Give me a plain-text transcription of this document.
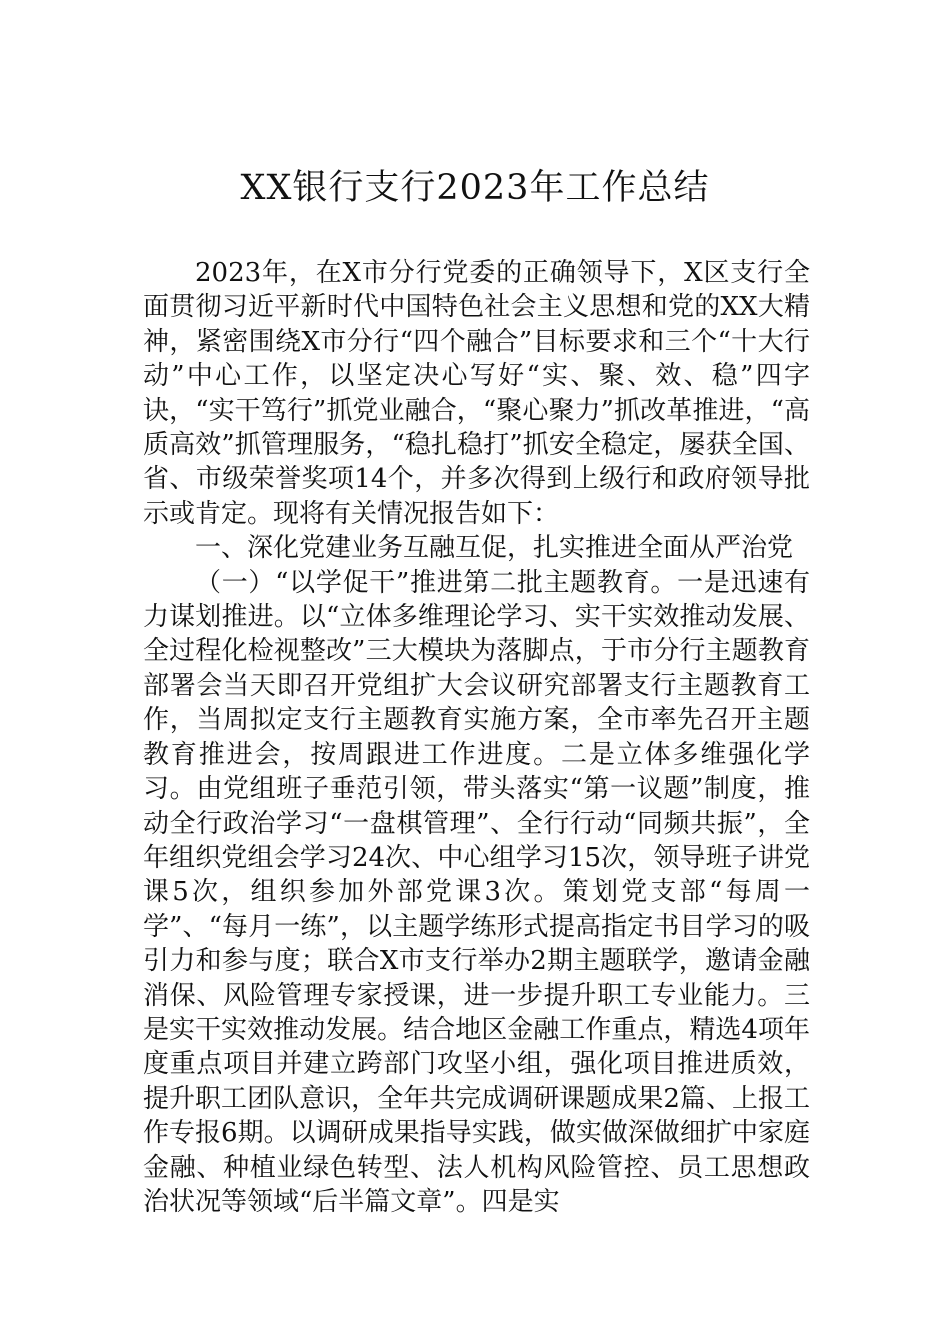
XX银行支行2023年工作总结

2023年，在X市分行党委的正确领导下，X区支行全面贯彻习近平新时代中国特色社会主义思想和党的XX大精神，紧密围绕X市分行“四个融合”目标要求和三个“十大行动”中心工作，以坚定决心写好“实、聚、效、稳”四字诀，“实干笃行”抓党业融合，“聚心聚力”抓改革推进，“高质高效”抓管理服务，“稳扎稳打”抓安全稳定，屡获全国、省、市级荣誉奖项14个，并多次得到上级行和政府领导批示或肯定。现将有关情况报告如下：

一、深化党建业务互融互促，扎实推进全面从严治党

（一）“以学促干”推进第二批主题教育。一是迅速有力谋划推进。以“立体多维理论学习、实干实效推动发展、全过程化检视整改”三大模块为落脚点，于市分行主题教育部署会当天即召开党组扩大会议研究部署支行主题教育工作，当周拟定支行主题教育实施方案，全市率先召开主题教育推进会，按周跟进工作进度。二是立体多维强化学习。由党组班子垂范引领，带头落实“第一议题”制度，推动全行政治学习“一盘棋管理”、全行行动“同频共振”，全年组织党组会学习24次、中心组学习15次，领导班子讲党课5次，组织参加外部党课3次。策划党支部“每周一学”、“每月一练”，以主题学练形式提高指定书目学习的吸引力和参与度；联合X市支行举办2期主题联学，邀请金融消保、风险管理专家授课，进一步提升职工专业能力。三是实干实效推动发展。结合地区金融工作重点，精选4项年度重点项目并建立跨部门攻坚小组，强化项目推进质效，提升职工团队意识，全年共完成调研课题成果2篇、上报工作专报6期。以调研成果指导实践，做实做深做细扩中家庭金融、种植业绿色转型、法人机构风险管控、员工思想政治状况等领域“后半篇文章”。四是实
